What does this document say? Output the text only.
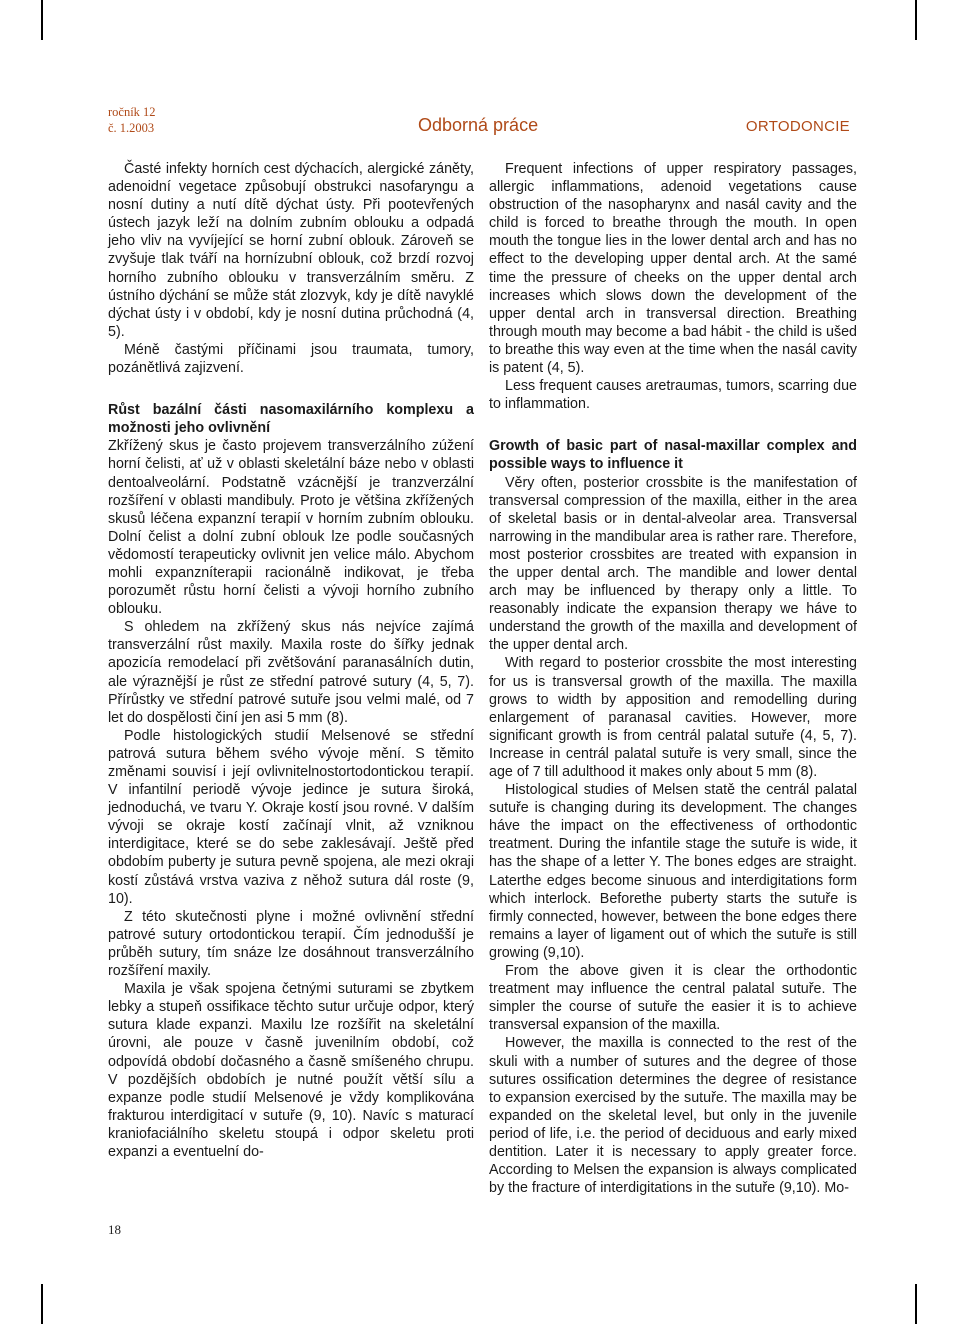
ročník 12
č. 1.2003	Odborná práce	ORTODONCIE

Časté infekty horních cest dýchacích, alergické záněty, adenoidní vegetace způsobují obstrukci nasofaryngu a nosní dutiny a nutí dítě dýchat ústy. Při pootevřených ústech jazyk leží na dolním zubním oblouku a odpadá jeho vliv na vyvíjející se horní zubní oblouk. Zároveň se zvyšuje tlak tváří na hornízubní oblouk, což brzdí rozvoj horního zubního oblouku v transverzálním směru. Z ústního dýchání se může stát zlozvyk, kdy je dítě navyklé dýchat ústy i v období, kdy je nosní dutina průchodná (4, 5).

Méně častými příčinami jsou traumata, tumory, pozánětlivá zajizvení.

Růst bazální části nasomaxilárního komplexu a možnosti jeho ovlivnění

Zkřížený skus je často projevem transverzálního zúžení horní čelisti, ať už v oblasti skeletální báze nebo v oblasti dentoalveolární. Podstatně vzácnější je tranzverzální rozšíření v oblasti mandibuly. Proto je většina zkřížených skusů léčena expanzní terapií v horním zubním oblouku. Dolní čelist a dolní zubní oblouk lze podle současných vědomostí terapeuticky ovlivnit jen velice málo. Abychom mohli expanzníterapii racionálně indikovat, je třeba porozumět růstu horní čelisti a vývoji horního zubního oblouku.

S ohledem na zkřížený skus nás nejvíce zajímá transverzální růst maxily. Maxila roste do šířky jednak apozicía remodelací při zvětšování paranasálních dutin, ale výraznější je růst ze střední patrové sutury (4, 5, 7). Přírůstky ve střední patrové sutuře jsou velmi malé, od 7 let do dospělosti činí jen asi 5 mm (8).

Podle histologických studií Melsenové se střední patrová sutura během svého vývoje mění. S těmito změnami souvisí i její ovlivnitelnostortodontickou terapií. V infantilní periodě vývoje jedince je sutura široká, jednoduchá, ve tvaru Y. Okraje kostí jsou rovné. V dalším vývoji se okraje kostí začínají vlnit, až vzniknou interdigitace, které se do sebe zaklesávají. Ještě před obdobím puberty je sutura pevně spojena, ale mezi okraji kostí zůstává vrstva vaziva z něhož sutura dál roste (9, 10).

Z této skutečnosti plyne i možné ovlivnění střední patrové sutury ortodontickou terapií. Čím jednodušší je průběh sutury, tím snáze lze dosáhnout transverzálního rozšíření maxily.

Maxila je však spojena četnými suturami se zbytkem lebky a stupeň ossifikace těchto sutur určuje odpor, který sutura klade expanzi. Maxilu lze rozšířit na skeletální úrovni, ale pouze v časně juvenilním období, což odpovídá období dočasného a časně smíšeného chrupu. V pozdějších obdobích je nutné použít větší sílu a expanze podle studií Melsenové je vždy komplikována frakturou interdigitací v sutuře (9, 10). Navíc s maturací kraniofaciálního skeletu stoupá i odpor skeletu proti expanzi a eventuelní do-

Frequent infections of upper respiratory passages, allergic inflammations, adenoid vegetations cause obstruction of the nasopharynx and nasál cavity and the child is forced to breathe through the mouth. In open mouth the tongue lies in the lower dental arch and has no effect to the developing upper dental arch. At the samé time the pressure of cheeks on the upper dental arch increases which slows down the development of the upper dental arch in transversal direction. Breathing through mouth may become a bad hábit - the child is ušed to breathe this way even at the time when the nasál cavity is patent (4, 5).

Less frequent causes aretraumas, tumors, scarring due to inflammation.

Growth of basic part of nasal-maxillar complex and possible ways to influence it

Věry often, posterior crossbite is the manifestation of transversal compression of the maxilla, either in the area of skeletal basis or in dental-alveolar area. Transversal narrowing in the mandibular area is rather rare. Therefore, most posterior crossbites are treated with expansion in the upper dental arch. The mandible and lower dental arch may be influenced by therapy only a little. To reasonably indicate the expansion therapy we háve to understand the growth of the maxilla and development of the upper dental arch.

With regard to posterior crossbite the most interesting for us is transversal growth of the maxilla. The maxilla grows to width by apposition and remodelling during enlargement of paranasal cavities. However, more significant growth is from centrál palatal sutuře (4, 5, 7). Increase in centrál palatal sutuře is very small, since the age of 7 till adulthood it makes only about 5 mm (8).

Histological studies of Melsen statě the centrál palatal sutuře is changing during its development. The changes háve the impact on the effectiveness of orthodontic treatment. During the infantile stage the sutuře is wide, it has the shape of a letter Y. The bones edges are straight. Laterthe edges become sinuous and interdigitations form which interlock. Beforethe puberty starts the sutuře is firmly connected, however, between the bone edges there remains a layer of ligament out of which the sutuře is still growing (9,10).

From the above given it is clear the orthodontic treatment may influence the central palatal sutuře. The simpler the course of sutuře the easier it is to achieve transversal expansion of the maxilla.

However, the maxilla is connected to the rest of the skuli with a number of sutures and the degree of those sutures ossification determines the degree of resistance to expansion exercised by the sutuře. The maxilla may be expanded on the skeletal level, but only in the juvenile period of life, i.e. the period of deciduous and early mixed dentition. Later it is necessary to apply greater force. According to Melsen the expansion is always complicated by the fracture of interdigitations in the sutuře (9,10). Mo-

18
